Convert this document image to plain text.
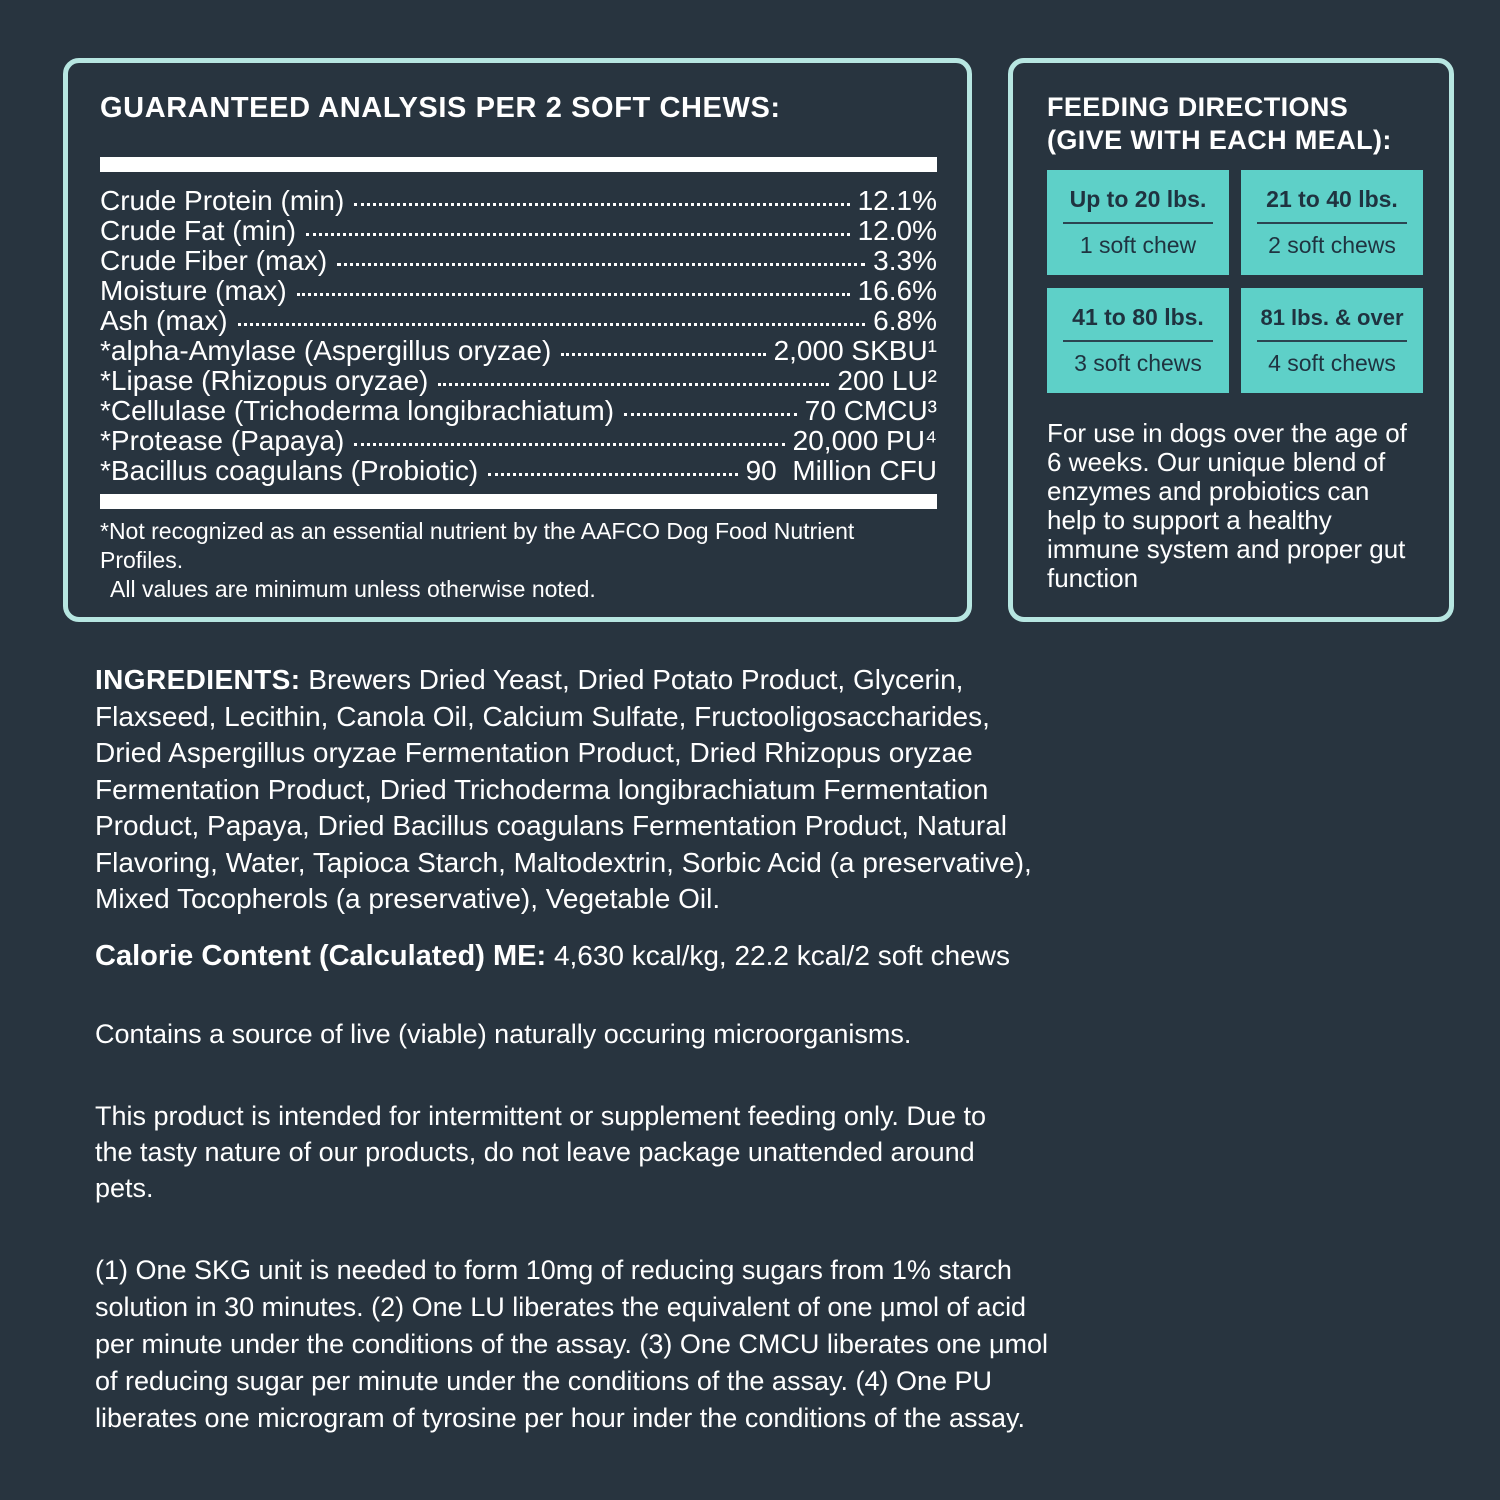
GUARANTEED ANALYSIS PER 2 SOFT CHEWS:
Crude Protein (min)	12.1%
Crude Fat (min)	12.0%
Crude Fiber (max)	3.3%
Moisture (max)	16.6%
Ash (max)	6.8%
*alpha-Amylase (Aspergillus oryzae)	2,000 SKBU¹
*Lipase (Rhizopus oryzae)	200 LU²
*Cellulase (Trichoderma longibrachiatum)	70 CMCU³
*Protease (Papaya)	20,000 PU⁴
*Bacillus coagulans (Probiotic)	90  Million CFU

*Not recognized as an essential nutrient by the AAFCO Dog Food Nutrient Profiles.
All values are minimum unless otherwise noted.

FEEDING DIRECTIONS (GIVE WITH EACH MEAL):
Up to 20 lbs.
1 soft chew
21 to 40 lbs.
2 soft chews
41 to 80 lbs.
3 soft chews
81 lbs. & over
4 soft chews

For use in dogs over the age of 6 weeks. Our unique blend of enzymes and probiotics can help to support a healthy immune system and proper gut function

INGREDIENTS: Brewers Dried Yeast, Dried Potato Product, Glycerin, Flaxseed, Lecithin, Canola Oil, Calcium Sulfate, Fructooligosaccharides, Dried Aspergillus oryzae Fermentation Product, Dried Rhizopus oryzae Fermentation Product, Dried Trichoderma longibrachiatum Fermentation Product, Papaya, Dried Bacillus coagulans Fermentation Product, Natural Flavoring, Water, Tapioca Starch, Maltodextrin, Sorbic Acid (a preservative), Mixed Tocopherols (a preservative), Vegetable Oil.

Calorie Content (Calculated) ME: 4,630 kcal/kg, 22.2 kcal/2 soft chews

Contains a source of live (viable) naturally occuring microorganisms.

This product is intended for intermittent or supplement feeding only. Due to the tasty nature of our products, do not leave package unattended around pets.

(1) One SKG unit is needed to form 10mg of reducing sugars from 1% starch solution in 30 minutes. (2) One LU liberates the equivalent of one μmol of acid per minute under the conditions of the assay. (3) One CMCU liberates one μmol of reducing sugar per minute under the conditions of the assay. (4) One PU liberates one microgram of tyrosine per hour inder the conditions of the assay.
